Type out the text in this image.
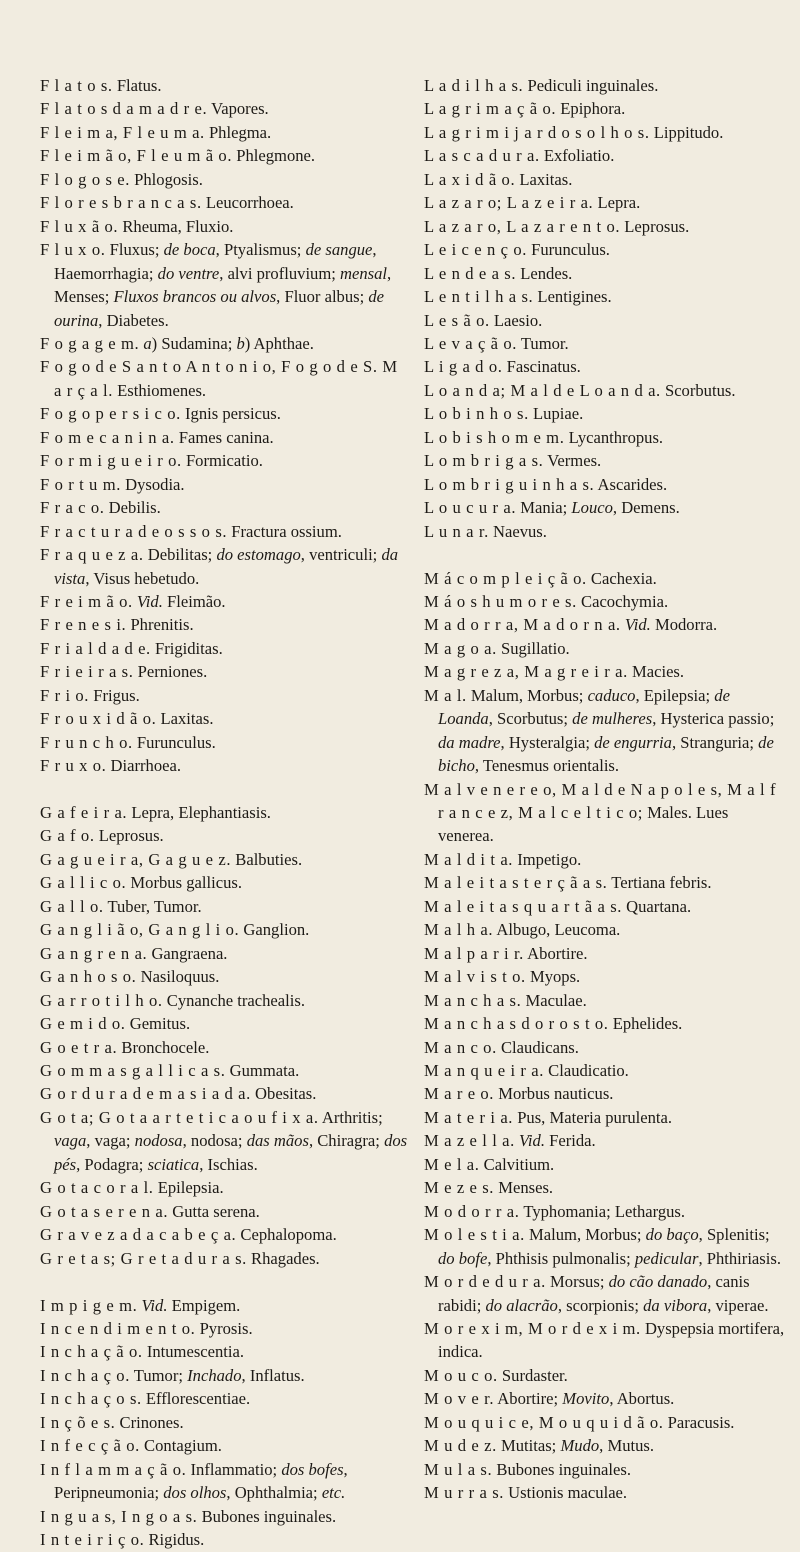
F l a t o s. Flatus.

F l a t o s d a m a d r e. Vapores.

F l e i m a, F l e u m a. Phlegma.

F l e i m ã o, F l e u m ã o. Phlegmone.

F l o g o s e. Phlogosis.

F l o r e s b r a n c a s. Leucorrhoea.

F l u x ã o. Rheuma, Fluxio.

F l u x o. Fluxus; de boca, Ptyalismus; de sangue, Haemorrhagia; do ventre, alvi profluvium; mensal, Menses; Fluxos brancos ou alvos, Fluor albus; de ourina, Diabetes.

F o g a g e m. a) Sudamina; b) Aphthae.

F o g o d e S a n t o A n t o n i o, F o g o d e S. M a r ç a l. Esthiomenes.

F o g o p e r s i c o. Ignis persicus.

F o m e c a n i n a. Fames canina.

F o r m i g u e i r o. Formicatio.

F o r t u m. Dysodia.

F r a c o. Debilis.

F r a c t u r a d e o s s o s. Fractura ossium.

F r a q u e z a. Debilitas; do estomago, ventriculi; da vista, Visus hebetudo.

F r e i m ã o. Vid. Fleimão.

F r e n e s i. Phrenitis.

F r i a l d a d e. Frigiditas.

F r i e i r a s. Perniones.

F r i o. Frigus.

F r o u x i d ã o. Laxitas.

F r u n c h o. Furunculus.

F r u x o. Diarrhoea.

G a f e i r a. Lepra, Elephantiasis.

G a f o. Leprosus.

G a g u e i r a, G a g u e z. Balbuties.

G a l l i c o. Morbus gallicus.

G a l l o. Tuber, Tumor.

G a n g l i ã o, G a n g l i o. Ganglion.

G a n g r e n a. Gangraena.

G a n h o s o. Nasiloquus.

G a r r o t i l h o. Cynanche trachealis.

G e m i d o. Gemitus.

G o e t r a. Bronchocele.

G o m m a s g a l l i c a s. Gummata.

G o r d u r a d e m a s i a d a. Obesitas.

G o t a; G o t a a r t e t i c a o u f i x a. Arthritis; vaga, vaga; nodosa, nodosa; das mãos, Chiragra; dos pés, Podagra; sciatica, Ischias.

G o t a c o r a l. Epilepsia.

G o t a s e r e n a. Gutta serena.

G r a v e z a d a c a b e ç a. Cephalopoma.

G r e t a s; G r e t a d u r a s. Rhagades.

I m p i g e m. Vid. Empigem.

I n c e n d i m e n t o. Pyrosis.

I n c h a ç ã o. Intumescentia.

I n c h a ç o. Tumor; Inchado, Inflatus.

I n c h a ç o s. Efflorescentiae.

I n ç õ e s. Crinones.

I n f e c ç ã o. Contagium.

I n f l a m m a ç ã o. Inflammatio; dos bofes, Peripneumonia; dos olhos, Ophthalmia; etc.

I n g u a s, I n g o a s. Bubones inguinales.

I n t e i r i ç o. Rigidus.

L a d i l h a s. Pediculi inguinales.

L a g r i m a ç ã o. Epiphora.

L a g r i m i j a r d o s o l h o s. Lippitudo.

L a s c a d u r a. Exfoliatio.

L a x i d ã o. Laxitas.

L a z a r o; L a z e i r a. Lepra.

L a z a r o, L a z a r e n t o. Leprosus.

L e i c e n ç o. Furunculus.

L e n d e a s. Lendes.

L e n t i l h a s. Lentigines.

L e s ã o. Laesio.

L e v a ç ã o. Tumor.

L i g a d o. Fascinatus.

L o a n d a; M a l d e L o a n d a. Scorbutus.

L o b i n h o s. Lupiae.

L o b i s h o m e m. Lycanthropus.

L o m b r i g a s. Vermes.

L o m b r i g u i n h a s. Ascarides.

L o u c u r a. Mania; Louco, Demens.

L u n a r. Naevus.

M á c o m p l e i ç ã o. Cachexia.

M á o s h u m o r e s. Cacochymia.

M a d o r r a, M a d o r n a. Vid. Modorra.

M a g o a. Sugillatio.

M a g r e z a, M a g r e i r a. Macies.

M a l. Malum, Morbus; caduco, Epilepsia; de Loanda, Scorbutus; de mulheres, Hysterica passio; da madre, Hysteralgia; de engurria, Stranguria; de bicho, Tenesmus orientalis.

M a l v e n e r e o, M a l d e N a p o l e s, M a l f r a n c e z, M a l c e l t i c o; Males. Lues venerea.

M a l d i t a. Impetigo.

M a l e i t a s t e r ç ã a s. Tertiana febris.

M a l e i t a s q u a r t ã a s. Quartana.

M a l h a. Albugo, Leucoma.

M a l p a r i r. Abortire.

M a l v i s t o. Myops.

M a n c h a s. Maculae.

M a n c h a s d o r o s t o. Ephelides.

M a n c o. Claudicans.

M a n q u e i r a. Claudicatio.

M a r e o. Morbus nauticus.

M a t e r i a. Pus, Materia purulenta.

M a z e l l a. Vid. Ferida.

M e l a. Calvitium.

M e z e s. Menses.

M o d o r r a. Typhomania; Lethargus.

M o l e s t i a. Malum, Morbus; do baço, Splenitis; do bofe, Phthisis pulmonalis; pedicular, Phthiriasis.

M o r d e d u r a. Morsus; do cão danado, canis rabidi; do alacrão, scorpionis; da vibora, viperae.

M o r e x i m, M o r d e x i m. Dyspepsia mortifera, indica.

M o u c o. Surdaster.

M o v e r. Abortire; Movito, Abortus.

M o u q u i c e, M o u q u i d ã o. Paracusis.

M u d e z. Mutitas; Mudo, Mutus.

M u l a s. Bubones inguinales.

M u r r a s. Ustionis maculae.
